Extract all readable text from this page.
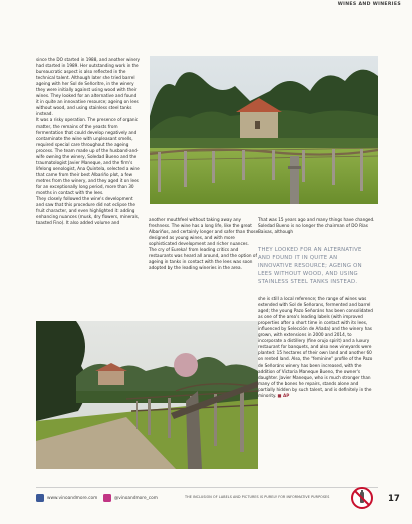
WINES AND WINERIES

since the DO started in 1988, and another winery had started in 1989. Her outstanding work in the bureaucratic aspect is also reflected in the technical talent. Although later she tried barrel ageing with her Sol de Señorítre, in the winery they were initially against using wood with their wines. They looked for an alternative and found it in quite an innovative resource; ageing on lees without wood, and using stainless steel tanks instead.

It was a risky operation. The presence of organic matter, the remains of the yeasts from fermentation that could develop negatively and contaminate the wine with unpleasant smells, required special care throughout the ageing process. The team made up of the husband-and-wife owning the winery, Soledad Bueno and the traumatologist Javier Maneque, and the firm's lifelong oenologist, Ana Quintela, selected a wine that came from their best Albariño plot, a few metres from the winery, and they aged it on lees for an exceptionally long period, more than 30 months in contact with the lees.

They closely followed the wine's development and saw that this procedure did not eclipse the fruit character, and even highlighted it: adding enhancing nuances (musk, dry flowers, minerals, toasted Fino). It also added volume and

another mouthfeel without taking away any freshness. The wine has a long life, like the great Albariños, and certainly longer and safer than those designed as young wines, and with more sophisticated development and richer nuances.

The cry of Eureka! from leading critics and restaurants was heard all around, and the option of ageing in tanks in contact with the lees was soon adopted by the leading wineries in the area.

That was 15 years ago and many things have changed. Soledad Bueno is no longer the chairman of DO Rías Baixas, although

THEY LOOKED FOR AN ALTERNATIVE AND FOUND IT IN QUITE AN INNOVATIVE RESOURCE; AGEING ON LEES WITHOUT WOOD, AND USING STAINLESS STEEL TANKS INSTEAD.

she is still a local reference; the range of wines was extended with Sol de Señorans, fermented and barrel aged; the young Pazo Señoráns has been consolidated as one of the area's leading labels (with improved properties after a short time in contact with its lees, influenced by Selección de Añada) and the winery has grown, with extensions in 2000 and 2014, to incorporate a distillery (fine orujo spirit) and a luxury restaurant for banquets, and also new vineyards were planted: 15 hectares of their own land and another 60 on rented land. Also, the "feminine" profile of the Pazo de Señoráns winery has been increased, with the addition of Victoria Maneque Bueno, the owner's daughter. Javier Maneque, who is much stronger than many of the bones he repairs, stands alone and partially hidden by such talent, and is definitely in the minority. ■ AP

www.vinoandmore.com	@vinoandmore_com	THE INCLUSION OF LABELS AND PICTURES IS PURELY FOR INFORMATIVE PURPOSES	17
